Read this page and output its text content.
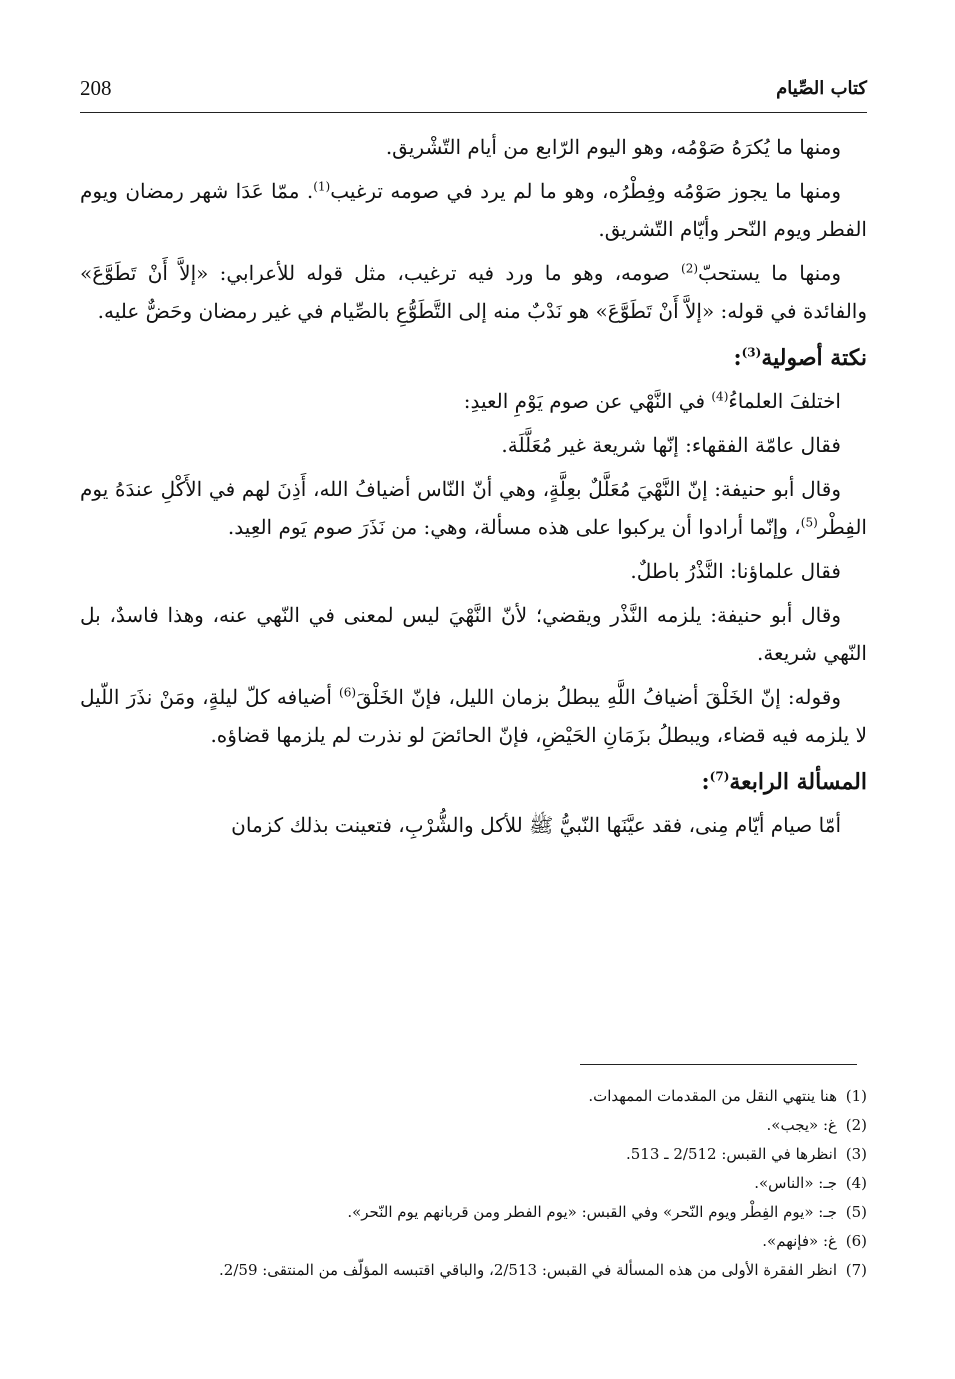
208	كتاب الصِّيام

ومنها ما يُكرَهُ صَوْمُه، وهو اليوم الرّابع من أيام التّشْريق.

ومنها ما يجوز صَوْمُه وفِطْرُه، وهو ما لم يرد في صومه ترغيب$^{(1)}$. ممّا عَدَا شهر رمضان ويوم الفطر ويوم النّحر وأيّام التّشريق.

ومنها ما يستحبّ$^{(2)}$ صومه، وهو ما ورد فيه ترغيب، مثل قوله للأعرابي: «إلاَّ أَنْ تَطَوَّعَ» والفائدة في قوله: «إلاَّ أَنْ تَطَوَّعَ» هو نَدْبٌ منه إلى التَّطَوُّعِ بالصِّيام في غير رمضان وحَضٌّ عليه.

نكتة أصولية$^{(3)}$:

اختلفَ العلماءُ$^{(4)}$ في النَّهْي عن صوم يَوْمِ العيدِ:

فقال عامّة الفقهاء: إنّها شريعة غير مُعَلَّلَة.

وقال أبو حنيفة: إنّ النَّهْيَ مُعَلَّلٌ بعِلَّةٍ، وهي أنّ النّاس أضيافُ الله، أَذِنَ لهم في الأَكْلِ عندَهُ يوم الفِطْر$^{(5)}$، وإنّما أرادوا أن يركبوا على هذه مسألة، وهي: من نَذَرَ صوم يَوم العِيد.

فقال علماؤنا: النَّذْرُ باطلٌ.

وقال أبو حنيفة: يلزمه النَّذْر ويقضي؛ لأنّ النَّهْيَ ليس لمعنى في النّهي عنه، وهذا فاسدٌ، بل النّهي شريعة.

وقوله: إنّ الخَلْقَ أضيافُ اللَّهِ يبطلُ بزمان الليل، فإنّ الخَلْقَ$^{(6)}$ أضيافه كلّ ليلةٍ، ومَنْ نذَرَ اللّيل لا يلزمه فيه قضاء، ويبطلُ بزَمَانِ الحَيْضِ، فإنّ الحائضَ لو نذرت لم يلزمها قضاؤه.

المسألة الرابعة$^{(7)}$:

أمّا صيام أيّام مِنى، فقد عيَّنَها النّبيُّ ﷺ للأكل والشُّرْبِ، فتعينت بذلك كزمان

(1)هنا ينتهي النقل من المقدمات الممهدات.
(2)غ: «يجب».
(3)انظرها في القبس: 2/512 ـ 513.
(4)جـ: «الناس».
(5)جـ: «يوم الفِطْر ويوم النّحر» وفي القبس: «يوم الفطر ومن قربانهم يوم النّحر».
(6)غ: «فإنهم».
(7)انظر الفقرة الأولى من هذه المسألة في القبس: 2/513، والباقي اقتبسه المؤلّف من المنتقى: 2/59.
